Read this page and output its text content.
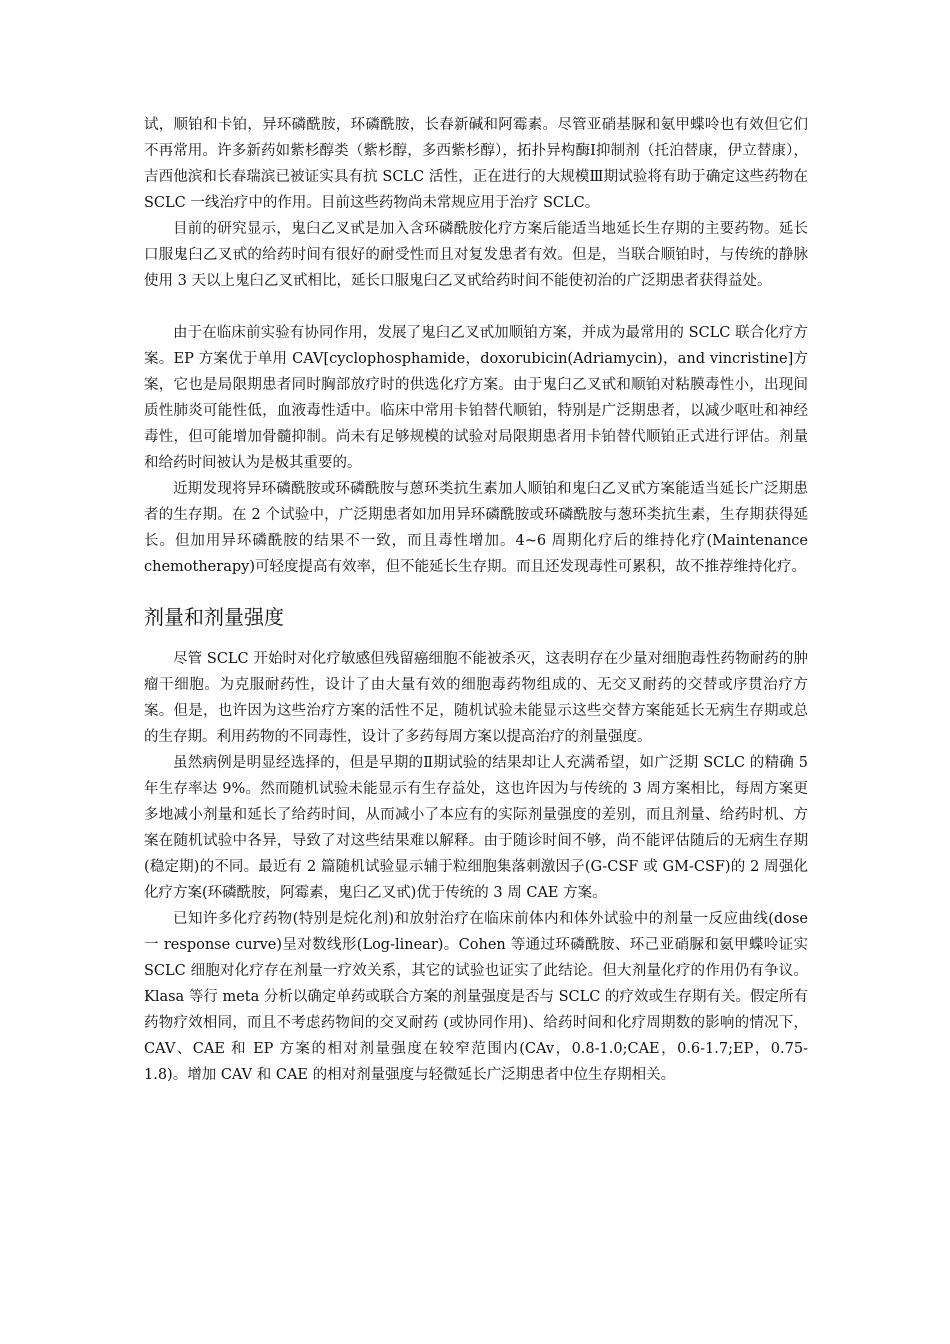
试，顺铂和卡铂，异环磷酰胺，环磷酰胺，长春新碱和阿霉素。尽管亚硝基脲和氨甲蝶呤也有效但它们不再常用。许多新药如紫杉醇类（紫杉醇，多西紫杉醇），拓扑异构酶Ⅰ抑制剂（托泊替康，伊立替康），吉西他滨和长春瑞滨已被证实具有抗 SCLC 活性，正在进行的大规模Ⅲ期试验将有助于确定这些药物在 SCLC 一线治疗中的作用。目前这些药物尚未常规应用于治疗 SCLC。

目前的研究显示，鬼臼乙叉甙是加入含环磷酰胺化疗方案后能适当地延长生存期的主要药物。延长口服鬼臼乙叉甙的给药时间有很好的耐受性而且对复发患者有效。但是，当联合顺铂时，与传统的静脉使用 3 天以上鬼臼乙叉甙相比，延长口服鬼臼乙叉甙给药时间不能使初治的广泛期患者获得益处。

由于在临床前实验有协同作用，发展了鬼臼乙叉甙加顺铂方案，并成为最常用的 SCLC 联合化疗方案。EP 方案优于单用 CAV[cyclophosphamide，doxorubicin(Adriamycin)，and vincristine]方案，它也是局限期患者同时胸部放疗时的供选化疗方案。由于鬼臼乙叉甙和顺铂对粘膜毒性小，出现间质性肺炎可能性低，血液毒性适中。临床中常用卡铂替代顺铂，特别是广泛期患者，以减少呕吐和神经毒性，但可能增加骨髓抑制。尚未有足够规模的试验对局限期患者用卡铂替代顺铂正式进行评估。剂量和给药时间被认为是极其重要的。

近期发现将异环磷酰胺或环磷酰胺与蒽环类抗生素加人顺铂和鬼臼乙叉甙方案能适当延长广泛期患者的生存期。在 2 个试验中，广泛期患者如加用异环磷酰胺或环磷酰胺与葱环类抗生素，生存期获得延长。但加用异环磷酰胺的结果不一致，而且毒性增加。4~6 周期化疗后的维持化疗(Maintenance chemotherapy)可轻度提高有效率，但不能延长生存期。而且还发现毒性可累积，故不推荐维持化疗。

剂量和剂量强度

尽管 SCLC 开始时对化疗敏感但残留癌细胞不能被杀灭，这表明存在少量对细胞毒性药物耐药的肿瘤干细胞。为克服耐药性，设计了由大量有效的细胞毒药物组成的、无交叉耐药的交替或序贯治疗方案。但是，也许因为这些治疗方案的活性不足，随机试验未能显示这些交替方案能延长无病生存期或总的生存期。利用药物的不同毒性，设计了多药每周方案以提高治疗的剂量强度。

虽然病例是明显经选择的，但是早期的Ⅱ期试验的结果却让人充满希望，如广泛期 SCLC 的精确 5 年生存率达 9%。然而随机试验未能显示有生存益处，这也许因为与传统的 3 周方案相比，每周方案更多地减小剂量和延长了给药时间，从而减小了本应有的实际剂量强度的差别，而且剂量、给药时机、方案在随机试验中各异，导致了对这些结果难以解释。由于随诊时间不够，尚不能评估随后的无病生存期(稳定期)的不同。最近有 2 篇随机试验显示辅于粒细胞集落刺激因子(G-CSF 或 GM-CSF)的 2 周强化化疗方案(环磷酰胺，阿霉素，鬼臼乙叉甙)优于传统的 3 周 CAE 方案。

已知许多化疗药物(特别是烷化剂)和放射治疗在临床前体内和体外试验中的剂量一反应曲线(dose 一 response curve)呈对数线形(Log-linear)。Cohen 等通过环磷酰胺、环己亚硝脲和氨甲蝶呤证实 SCLC 细胞对化疗存在剂量一疗效关系，其它的试验也证实了此结论。但大剂量化疗的作用仍有争议。Klasa 等行 meta 分析以确定单药或联合方案的剂量强度是否与 SCLC 的疗效或生存期有关。假定所有药物疗效相同，而且不考虑药物间的交叉耐药 (或协同作用)、给药时间和化疗周期数的影响的情况下，CAV、CAE 和 EP 方案的相对剂量强度在较窄范围内(CAv，0.8-1.0;CAE，0.6-1.7;EP，0.75-1.8)。增加 CAV 和 CAE 的相对剂量强度与轻微延长广泛期患者中位生存期相关。
